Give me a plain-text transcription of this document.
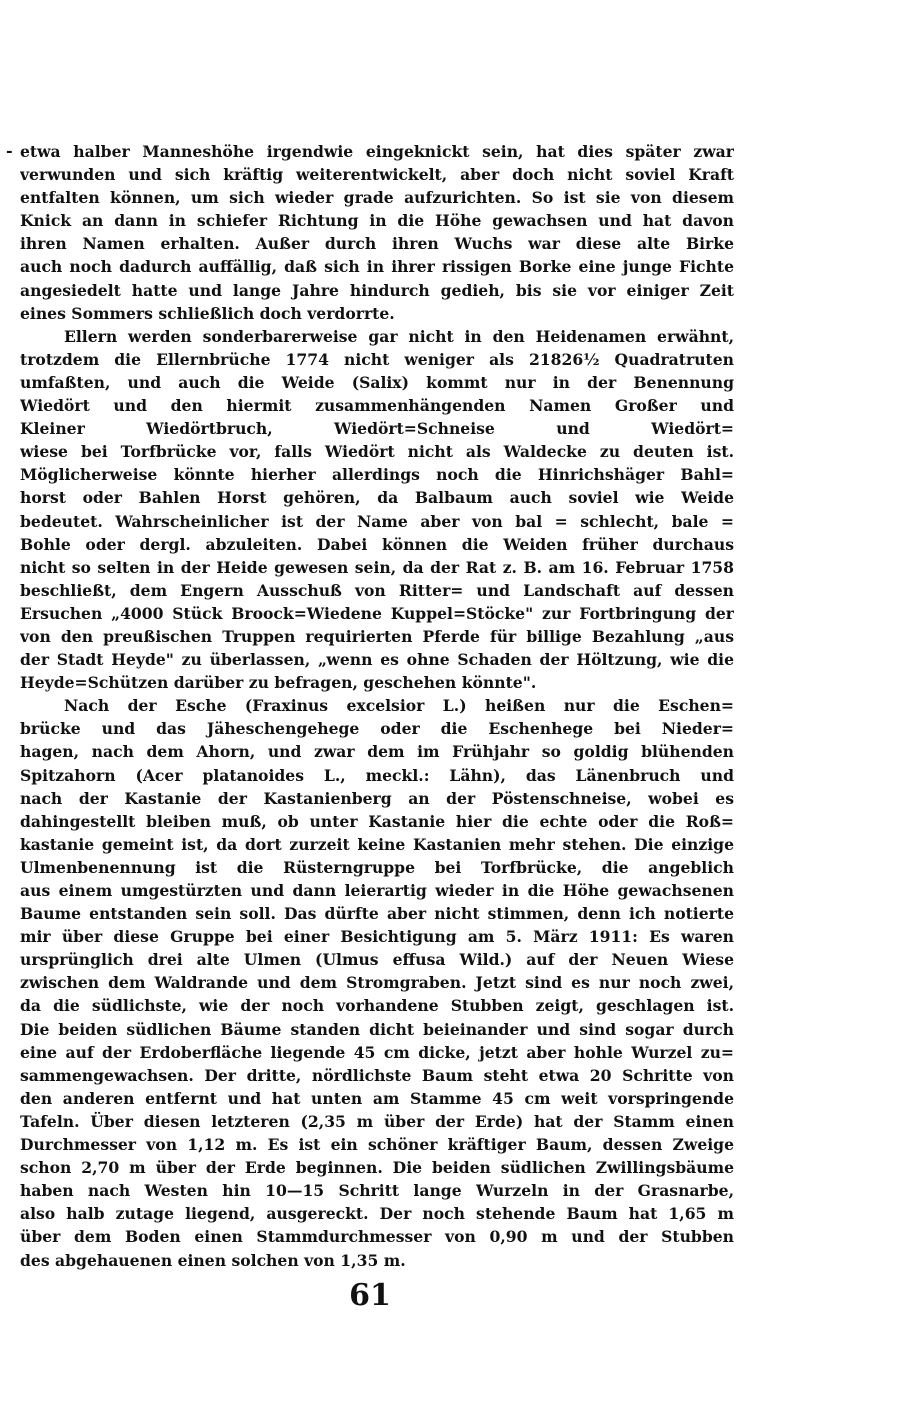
- etwa halber Manneshöhe irgendwie eingeknickt sein, hat dies später zwar
verwunden und sich kräftig weiterentwickelt, aber doch nicht soviel Kraft
entfalten können, um sich wieder grade aufzurichten. So ist sie von diesem
Knick an dann in schiefer Richtung in die Höhe gewachsen und hat davon
ihren Namen erhalten. Außer durch ihren Wuchs war diese alte Birke
auch noch dadurch auffällig, daß sich in ihrer rissigen Borke eine junge Fichte
angesiedelt hatte und lange Jahre hindurch gedieh, bis sie vor einiger Zeit
eines Sommers schließlich doch verdorrte.
Ellern werden sonderbarerweise gar nicht in den Heidenamen erwähnt,
trotzdem die Ellernbrüche 1774 nicht weniger als 21826½ Quadratruten
umfaßten, und auch die Weide (Salix) kommt nur in der Benennung
Wiedört und den hiermit zusammenhängenden Namen Großer und
Kleiner Wiedörtbruch, Wiedört=Schneise und Wiedört=
wiese bei Torfbrücke vor, falls Wiedört nicht als Waldecke zu deuten ist.
Möglicherweise könnte hierher allerdings noch die Hinrichshäger Bahl=
horst oder Bahlen Horst gehören, da Balbaum auch soviel wie Weide
bedeutet. Wahrscheinlicher ist der Name aber von bal = schlecht, bale =
Bohle oder dergl. abzuleiten. Dabei können die Weiden früher durchaus
nicht so selten in der Heide gewesen sein, da der Rat z. B. am 16. Februar 1758
beschließt, dem Engern Ausschuß von Ritter= und Landschaft auf dessen
Ersuchen „4000 Stück Broock=Wiedene Kuppel=Stöcke" zur Fortbringung der
von den preußischen Truppen requirierten Pferde für billige Bezahlung „aus
der Stadt Heyde" zu überlassen, „wenn es ohne Schaden der Höltzung, wie die
Heyde=Schützen darüber zu befragen, geschehen könnte".
Nach der Esche (Fraxinus excelsior L.) heißen nur die Eschen=
brücke und das Jäheschengehege oder die Eschenhege bei Nieder=
hagen, nach dem Ahorn, und zwar dem im Frühjahr so goldig blühenden
Spitzahorn (Acer platanoides L., meckl.: Lähn), das Länenbruch und
nach der Kastanie der Kastanienberg an der Pöstenschneise, wobei es
dahingestellt bleiben muß, ob unter Kastanie hier die echte oder die Roß=
kastanie gemeint ist, da dort zurzeit keine Kastanien mehr stehen. Die einzige
Ulmenbenennung ist die Rüsterngruppe bei Torfbrücke, die angeblich
aus einem umgestürzten und dann leierartig wieder in die Höhe gewachsenen
Baume entstanden sein soll. Das dürfte aber nicht stimmen, denn ich notierte
mir über diese Gruppe bei einer Besichtigung am 5. März 1911: Es waren
ursprünglich drei alte Ulmen (Ulmus effusa Wild.) auf der Neuen Wiese
zwischen dem Waldrande und dem Stromgraben. Jetzt sind es nur noch zwei,
da die südlichste, wie der noch vorhandene Stubben zeigt, geschlagen ist.
Die beiden südlichen Bäume standen dicht beieinander und sind sogar durch
eine auf der Erdoberfläche liegende 45 cm dicke, jetzt aber hohle Wurzel zu=
sammengewachsen. Der dritte, nördlichste Baum steht etwa 20 Schritte von
den anderen entfernt und hat unten am Stamme 45 cm weit vorspringende
Tafeln. Über diesen letzteren (2,35 m über der Erde) hat der Stamm einen
Durchmesser von 1,12 m. Es ist ein schöner kräftiger Baum, dessen Zweige
schon 2,70 m über der Erde beginnen. Die beiden südlichen Zwillingsbäume
haben nach Westen hin 10—15 Schritt lange Wurzeln in der Grasnarbe,
also halb zutage liegend, ausgereckt. Der noch stehende Baum hat 1,65 m
über dem Boden einen Stammdurchmesser von 0,90 m und der Stubben
des abgehauenen einen solchen von 1,35 m.
61
